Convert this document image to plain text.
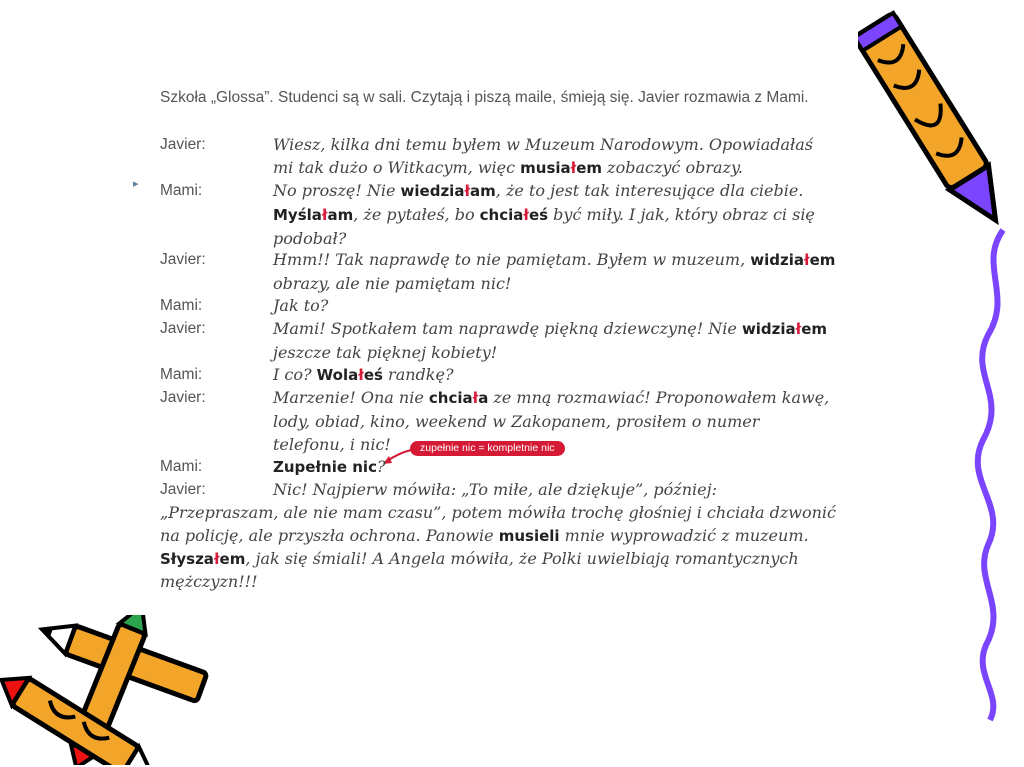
Szkoła „Glossa”. Studenci są w sali. Czytają i piszą maile, śmieją się. Javier rozmawia z Mami.
▸
zupełnie nic = kompletnie nic
Javier:	Wiesz, kilka dni temu byłem w Muzeum Narodowym. Opowiadałaś
mi tak dużo o Witkacym, więc musiałem zobaczyć obrazy.
Mami:	No proszę! Nie wiedziałam, że to jest tak interesujące dla ciebie.
Myślałam, że pytałeś, bo chciałeś być miły. I jak, który obraz ci się
podobał?
Javier:	Hmm!! Tak naprawdę to nie pamiętam. Byłem w muzeum, widziałem
obrazy, ale nie pamiętam nic!
Mami:	Jak to?
Javier:	Mami! Spotkałem tam naprawdę piękną dziewczynę! Nie widziałem
jeszcze tak pięknej kobiety!
Mami:	I co? Wolałeś randkę?
Javier:	Marzenie! Ona nie chciała ze mną rozmawiać! Proponowałem kawę,
lody, obiad, kino, weekend w Zakopanem, prosiłem o numer
telefonu, i nic!
Mami:	Zupełnie nic?
Javier:	Nic! Najpierw mówiła: „To miłe, ale dziękuje”, później:
„Przepraszam, ale nie mam czasu”, potem mówiła trochę głośniej i chciała dzwonić
na policję, ale przyszła ochrona. Panowie musieli mnie wyprowadzić z muzeum.
Słyszałem, jak się śmiali! A Angela mówiła, że Polki uwielbiają romantycznych
mężczyzn!!!
